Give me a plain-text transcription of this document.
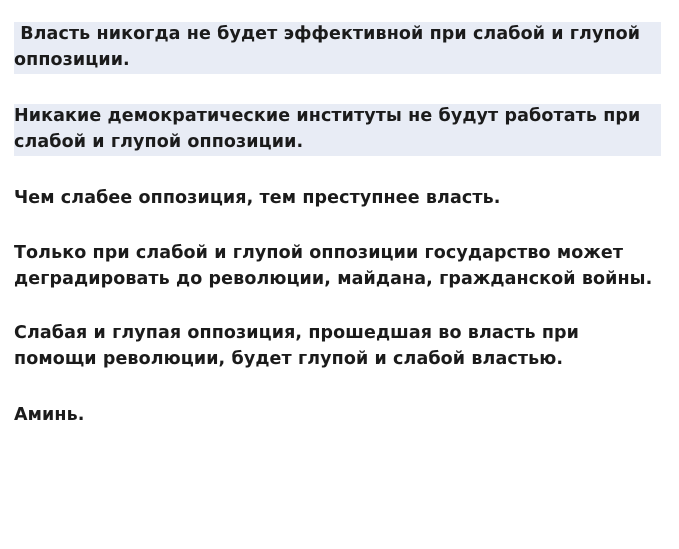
Власть никогда не будет эффективной при слабой и глупой оппозиции.

Никакие демократические институты не будут работать при слабой и глупой оппозиции.

Чем слабее оппозиция, тем преступнее власть.

Только при слабой и глупой оппозиции государство может деградировать до революции, майдана, гражданской войны.

Слабая и глупая оппозиция, прошедшая во власть при помощи революции, будет глупой и слабой властью.

Аминь.
